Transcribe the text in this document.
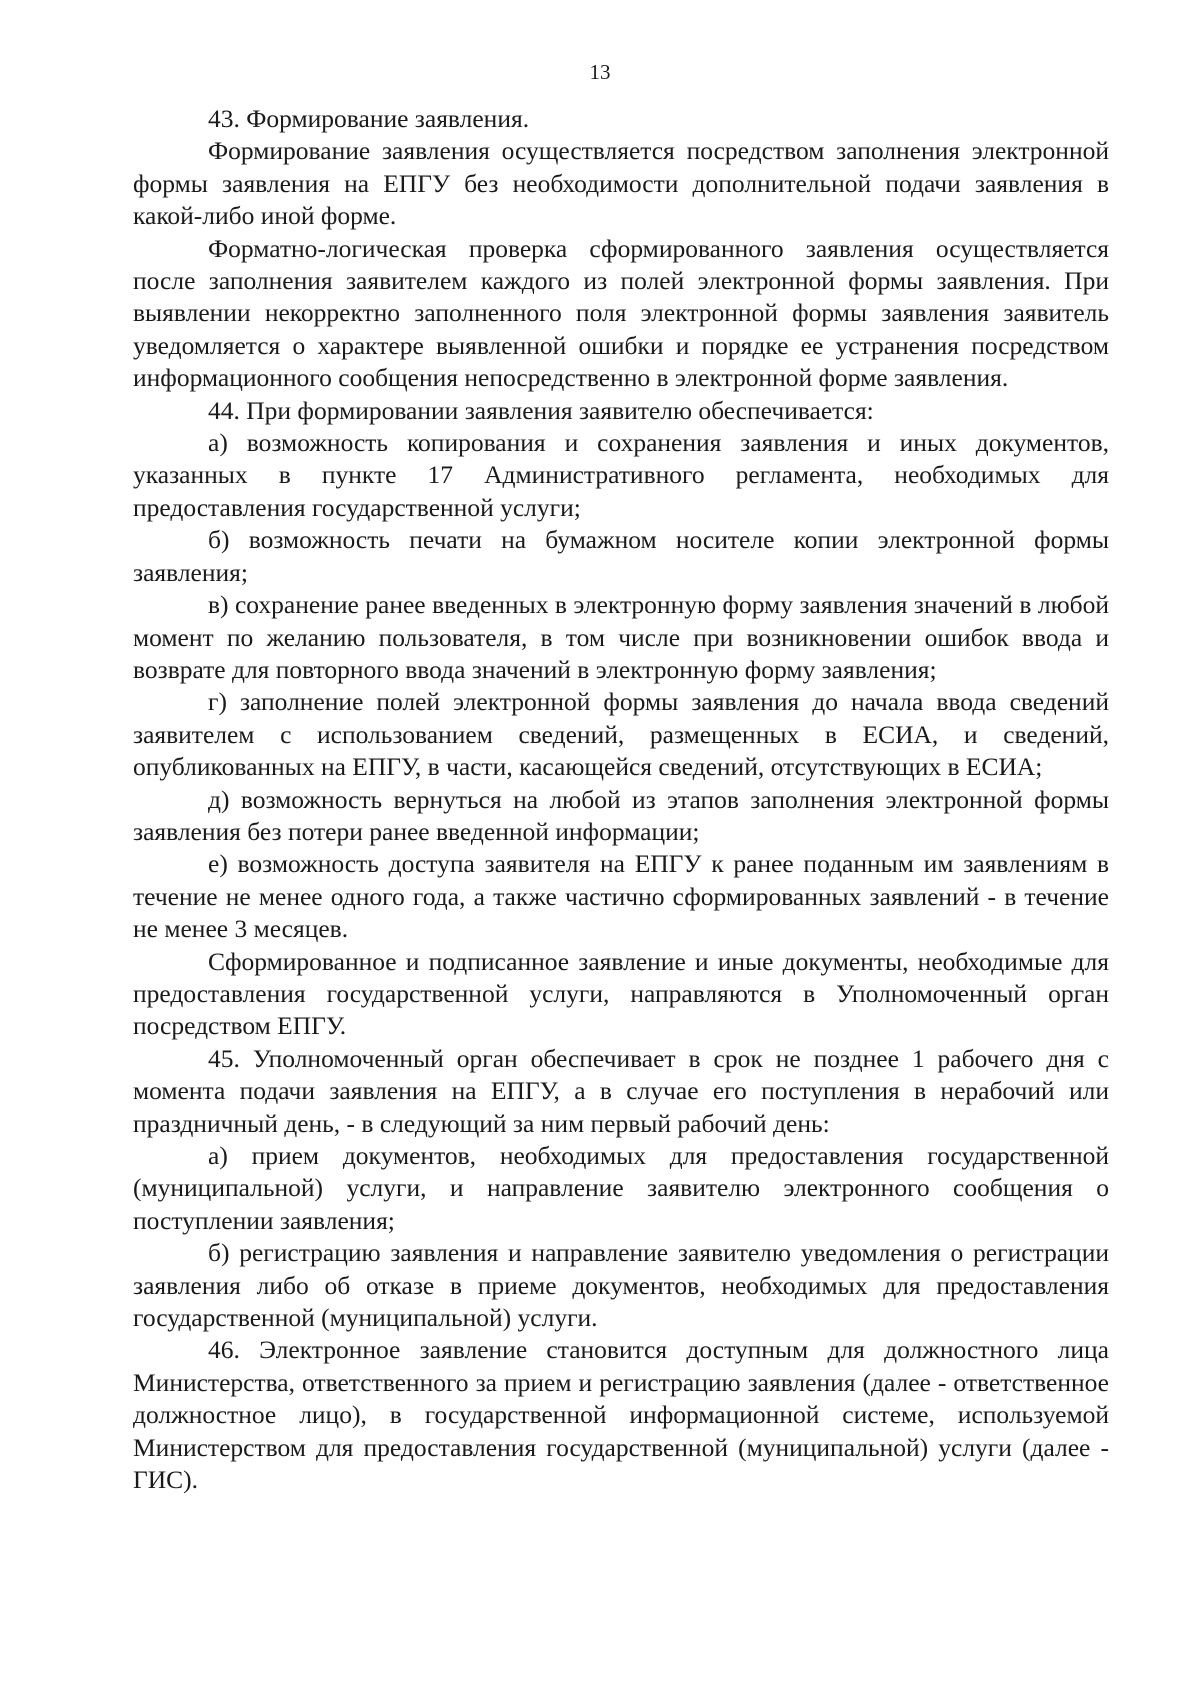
13

43. Формирование заявления.

Формирование заявления осуществляется посредством заполнения электронной формы заявления на ЕПГУ без необходимости дополнительной подачи заявления в какой-либо иной форме.

Форматно-логическая проверка сформированного заявления осуществляется после заполнения заявителем каждого из полей электронной формы заявления. При выявлении некорректно заполненного поля электронной формы заявления заявитель уведомляется о характере выявленной ошибки и порядке ее устранения посредством информационного сообщения непосредственно в электронной форме заявления.

44. При формировании заявления заявителю обеспечивается:

а) возможность копирования и сохранения заявления и иных документов, указанных в пункте 17 Административного регламента, необходимых для предоставления государственной услуги;

б) возможность печати на бумажном носителе копии электронной формы заявления;

в) сохранение ранее введенных в электронную форму заявления значений в любой момент по желанию пользователя, в том числе при возникновении ошибок ввода и возврате для повторного ввода значений в электронную форму заявления;

г) заполнение полей электронной формы заявления до начала ввода сведений заявителем с использованием сведений, размещенных в ЕСИА, и сведений, опубликованных на ЕПГУ, в части, касающейся сведений, отсутствующих в ЕСИА;

д) возможность вернуться на любой из этапов заполнения электронной формы заявления без потери ранее введенной информации;

е) возможность доступа заявителя на ЕПГУ к ранее поданным им заявлениям в течение не менее одного года, а также частично сформированных заявлений - в течение не менее 3 месяцев.

Сформированное и подписанное заявление и иные документы, необходимые для предоставления государственной услуги, направляются в Уполномоченный орган посредством ЕПГУ.

45. Уполномоченный орган обеспечивает в срок не позднее 1 рабочего дня с момента подачи заявления на ЕПГУ, а в случае его поступления в нерабочий или праздничный день, - в следующий за ним первый рабочий день:

а) прием документов, необходимых для предоставления государственной (муниципальной) услуги, и направление заявителю электронного сообщения о поступлении заявления;

б) регистрацию заявления и направление заявителю уведомления о регистрации заявления либо об отказе в приеме документов, необходимых для предоставления государственной (муниципальной) услуги.

46. Электронное заявление становится доступным для должностного лица Министерства, ответственного за прием и регистрацию заявления (далее - ответственное должностное лицо), в государственной информационной системе, используемой Министерством для предоставления государственной (муниципальной) услуги (далее - ГИС).
